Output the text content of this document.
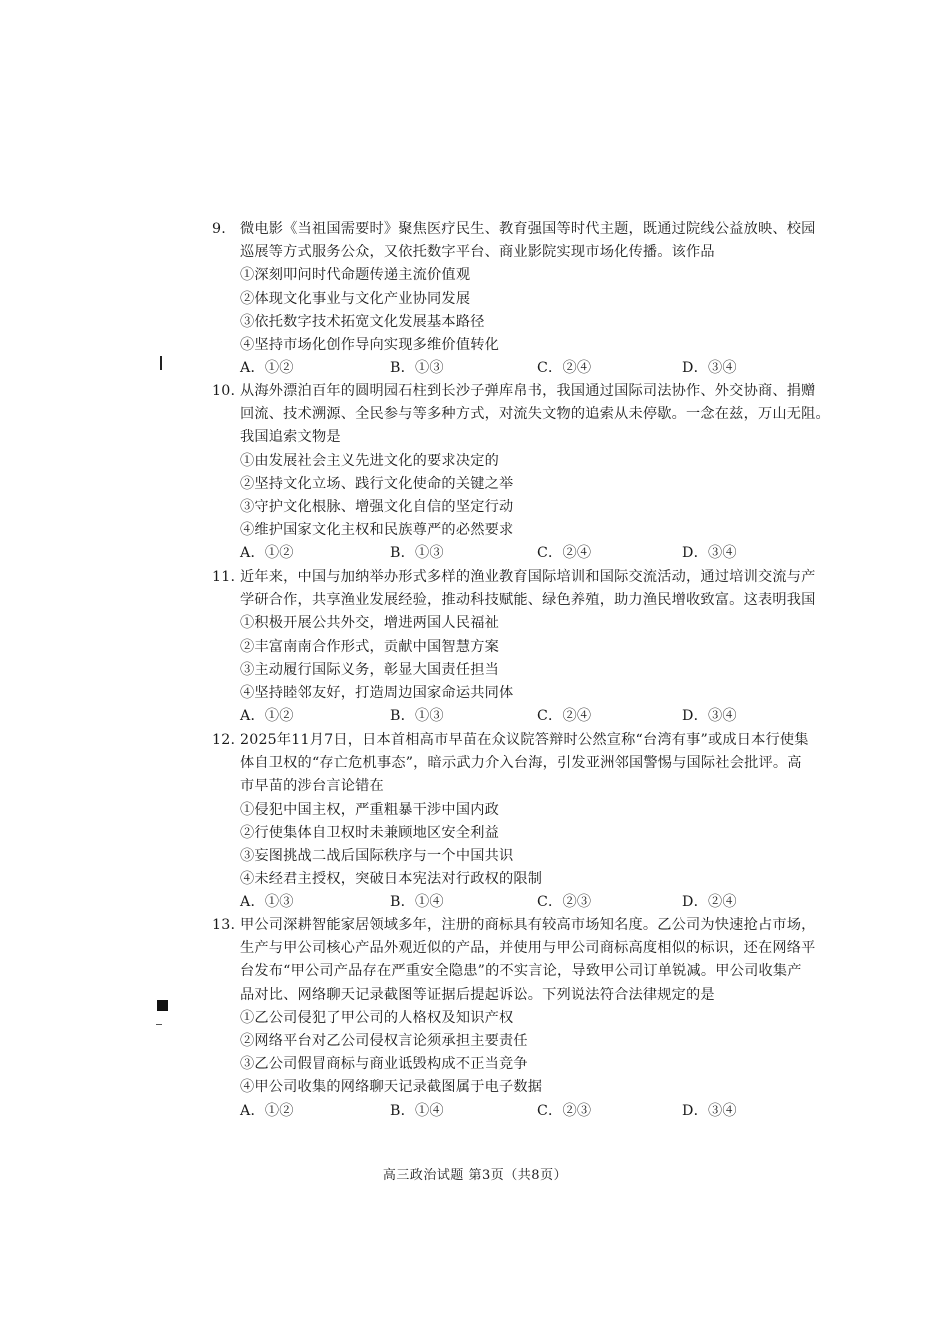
9. 微电影《当祖国需要时》聚焦医疗民生、教育强国等时代主题，既通过院线公益放映、校园
巡展等方式服务公众，又依托数字平台、商业影院实现市场化传播。该作品
①深刻叩问时代命题传递主流价值观
②体现文化事业与文化产业协同发展
③依托数字技术拓宽文化发展基本路径
④坚持市场化创作导向实现多维价值转化
A．①②	B．①③	C．②④	D．③④
10. 从海外漂泊百年的圆明园石柱到长沙子弹库帛书，我国通过国际司法协作、外交协商、捐赠
回流、技术溯源、全民参与等多种方式，对流失文物的追索从未停歇。一念在兹，万山无阻。
我国追索文物是
①由发展社会主义先进文化的要求决定的
②坚持文化立场、践行文化使命的关键之举
③守护文化根脉、增强文化自信的坚定行动
④维护国家文化主权和民族尊严的必然要求
A．①②	B．①③	C．②④	D．③④
11. 近年来，中国与加纳举办形式多样的渔业教育国际培训和国际交流活动，通过培训交流与产
学研合作，共享渔业发展经验，推动科技赋能、绿色养殖，助力渔民增收致富。这表明我国
①积极开展公共外交，增进两国人民福祉
②丰富南南合作形式，贡献中国智慧方案
③主动履行国际义务，彰显大国责任担当
④坚持睦邻友好，打造周边国家命运共同体
A．①②	B．①③	C．②④	D．③④
12. 2025年11月7日，日本首相高市早苗在众议院答辩时公然宣称“台湾有事”或成日本行使集
体自卫权的“存亡危机事态”，暗示武力介入台海，引发亚洲邻国警惕与国际社会批评。高
市早苗的涉台言论错在
①侵犯中国主权，严重粗暴干涉中国内政
②行使集体自卫权时未兼顾地区安全利益
③妄图挑战二战后国际秩序与一个中国共识
④未经君主授权，突破日本宪法对行政权的限制
A．①③	B．①④	C．②③	D．②④
13. 甲公司深耕智能家居领域多年，注册的商标具有较高市场知名度。乙公司为快速抢占市场，
生产与甲公司核心产品外观近似的产品，并使用与甲公司商标高度相似的标识，还在网络平
台发布“甲公司产品存在严重安全隐患”的不实言论，导致甲公司订单锐减。甲公司收集产
品对比、网络聊天记录截图等证据后提起诉讼。下列说法符合法律规定的是
①乙公司侵犯了甲公司的人格权及知识产权
②网络平台对乙公司侵权言论须承担主要责任
③乙公司假冒商标与商业诋毁构成不正当竞争
④甲公司收集的网络聊天记录截图属于电子数据
A．①②	B．①④	C．②③	D．③④
高三政治试题 第3页（共8页）
